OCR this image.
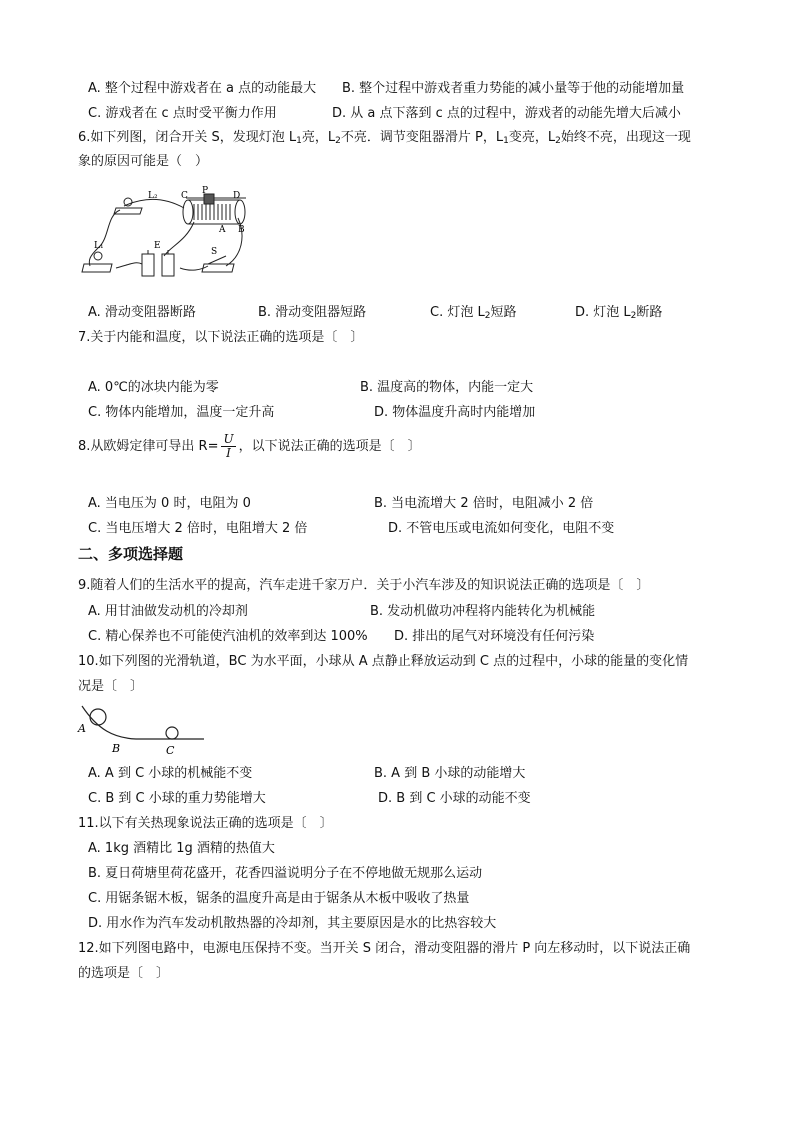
A. 整个过程中游戏者在 a 点的动能最大 B. 整个过程中游戏者重力势能的减小量等于他的动能增加量
C. 游戏者在 c 点时受平衡力作用	D. 从 a 点下落到 c 点的过程中，游戏者的动能先增大后减小
6.如下列图，闭合开关 S，发现灯泡 $L_1$亮，$L_2$不亮．调节变阻器滑片 P，$L_1$变亮，$L_2$始终不亮，出现这一现
象的原因可能是（　）
L₂
L₁
C P	D
A B
E
S
A. 滑动变阻器断路	B. 滑动变阻器短路	C. 灯泡 $L_2$短路	D. 灯泡 $L_2$断路
7.关于内能和温度，以下说法正确的选项是〔　〕
A. 0℃的冰块内能为零	B. 温度高的物体，内能一定大
C. 物体内能增加，温度一定升高	D. 物体温度升高时内能增加
8.从欧姆定律可导出 $R= \frac{U}{I}$ ，以下说法正确的选项是〔　〕
A. 当电压为 0 时，电阻为 0	B. 当电流增大 2 倍时，电阻减小 2 倍
C. 当电压增大 2 倍时，电阻增大 2 倍	D. 不管电压或电流如何变化，电阻不变
二、多项选择题
9.随着人们的生活水平的提高，汽车走进千家万户．关于小汽车涉及的知识说法正确的选项是〔　〕
A. 用甘油做发动机的冷却剂	B. 发动机做功冲程将内能转化为机械能
C. 精心保养也不可能使汽油机的效率到达 100% D. 排出的尾气对环境没有任何污染
10.如下列图的光滑轨道，BC 为水平面，小球从 A 点静止释放运动到 C 点的过程中，小球的能量的变化情
况是〔　〕
A
B	C
A. A 到 C 小球的机械能不变	B. A 到 B 小球的动能增大
C. B 到 C 小球的重力势能增大	D. B 到 C 小球的动能不变
11.以下有关热现象说法正确的选项是〔　〕
A. 1kg 酒精比 1g 酒精的热值大
B. 夏日荷塘里荷花盛开，花香四溢说明分子在不停地做无规那么运动
C. 用锯条锯木板，锯条的温度升高是由于锯条从木板中吸收了热量
D. 用水作为汽车发动机散热器的冷却剂，其主要原因是水的比热容较大
12.如下列图电路中，电源电压保持不变。当开关 S 闭合，滑动变阻器的滑片 P 向左移动时，以下说法正确
的选项是〔　〕
